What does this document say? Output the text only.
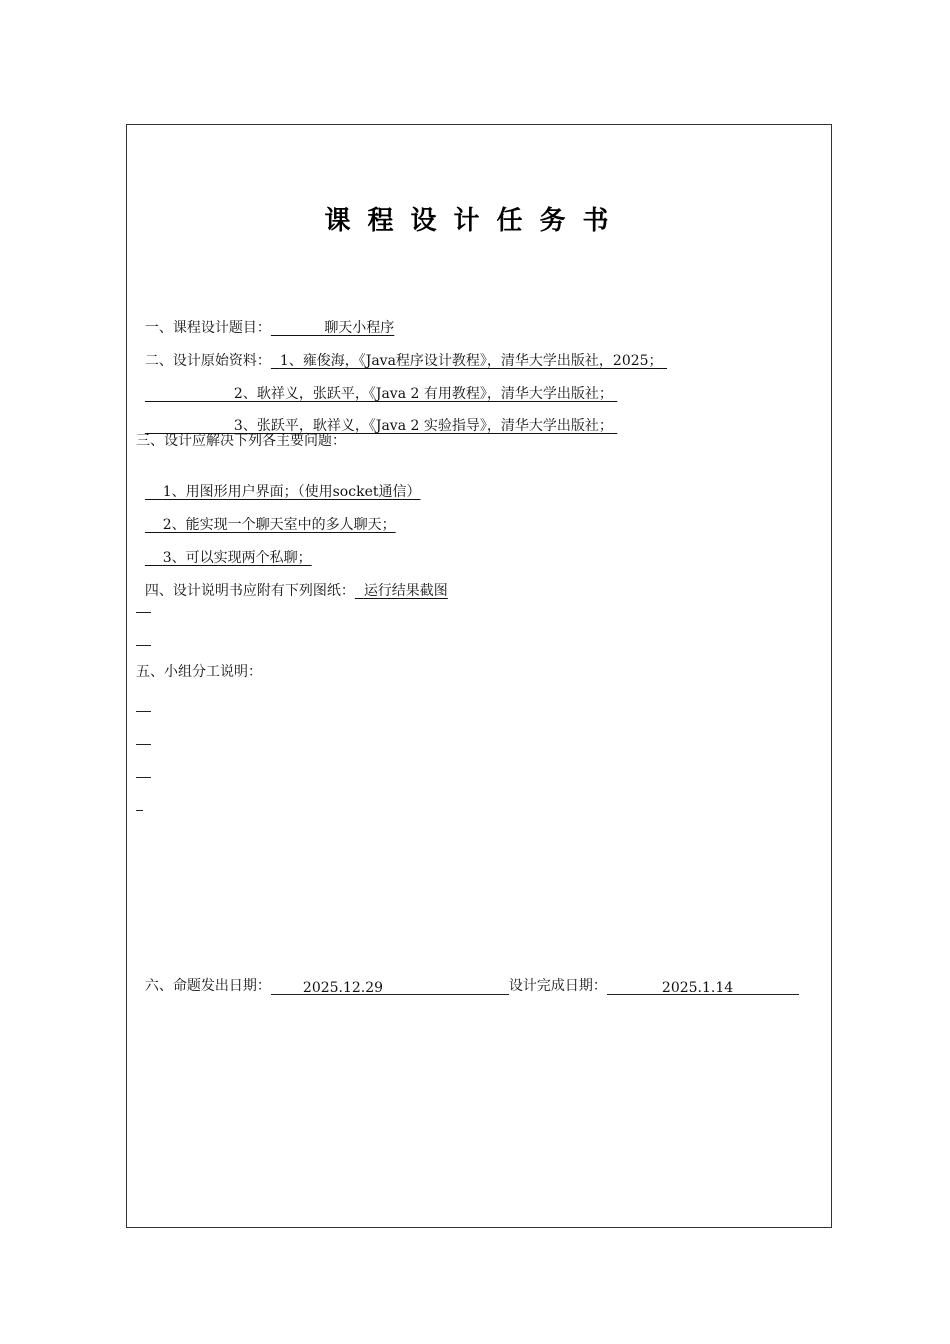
课程设计任务书

一、课程设计题目：	聊天小程序

二、设计原始资料： 1、雍俊海，《Java程序设计教程》，清华大学出版社，2025；

2、耿祥义，张跃平，《Java 2 有用教程》，清华大学出版社；

3、张跃平，耿祥义，《Java 2 实验指导》，清华大学出版社；

三、设计应解决下列各主要问题：

1、用图形用户界面；（使用socket通信）

2、能实现一个聊天室中的多人聊天；

3、可以实现两个私聊；

四、设计说明书应附有下列图纸： 运行结果截图

五、小组分工说明：

六、命题发出日期： 2025.12.29	设计完成日期：	2025.1.14
